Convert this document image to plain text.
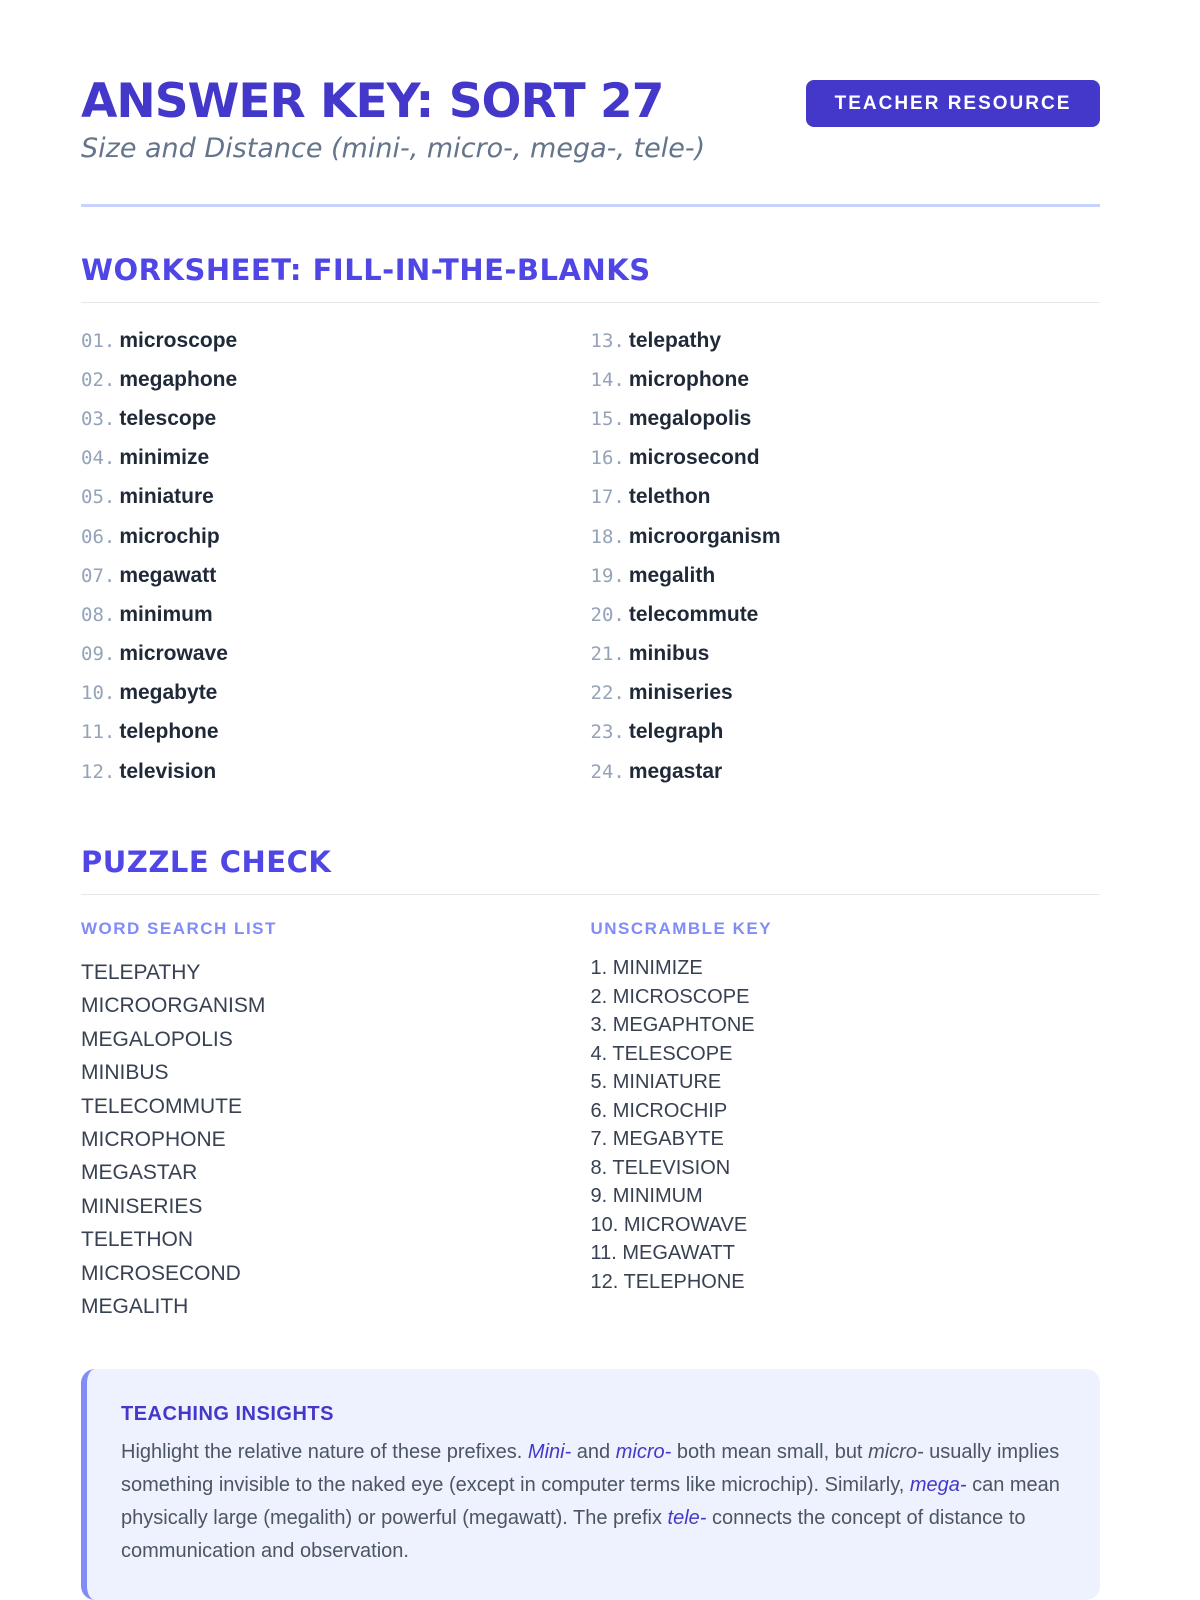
ANSWER KEY: SORT 27

Size and Distance (mini-, micro-, mega-, tele-)

TEACHER RESOURCE
WORKSHEET: FILL-IN-THE-BLANKS
01. microscope
02. megaphone
03. telescope
04. minimize
05. miniature
06. microchip
07. megawatt
08. minimum
09. microwave
10. megabyte
11. telephone
12. television
13. telepathy
14. microphone
15. megalopolis
16. microsecond
17. telethon
18. microorganism
19. megalith
20. telecommute
21. minibus
22. miniseries
23. telegraph
24. megastar
PUZZLE CHECK
WORD SEARCH LIST
TELEPATHY
MICROORGANISM
MEGALOPOLIS
MINIBUS
TELECOMMUTE
MICROPHONE
MEGASTAR
MINISERIES
TELETHON
MICROSECOND
MEGALITH
UNSCRAMBLE KEY
1. MINIMIZE
2. MICROSCOPE
3. MEGAPHTONE
4. TELESCOPE
5. MINIATURE
6. MICROCHIP
7. MEGABYTE
8. TELEVISION
9. MINIMUM
10. MICROWAVE
11. MEGAWATT
12. TELEPHONE
TEACHING INSIGHTS

Highlight the relative nature of these prefixes. Mini- and micro- both mean small, but micro- usually implies something invisible to the naked eye (except in computer terms like microchip). Similarly, mega- can mean physically large (megalith) or powerful (megawatt). The prefix tele- connects the concept of distance to communication and observation.
